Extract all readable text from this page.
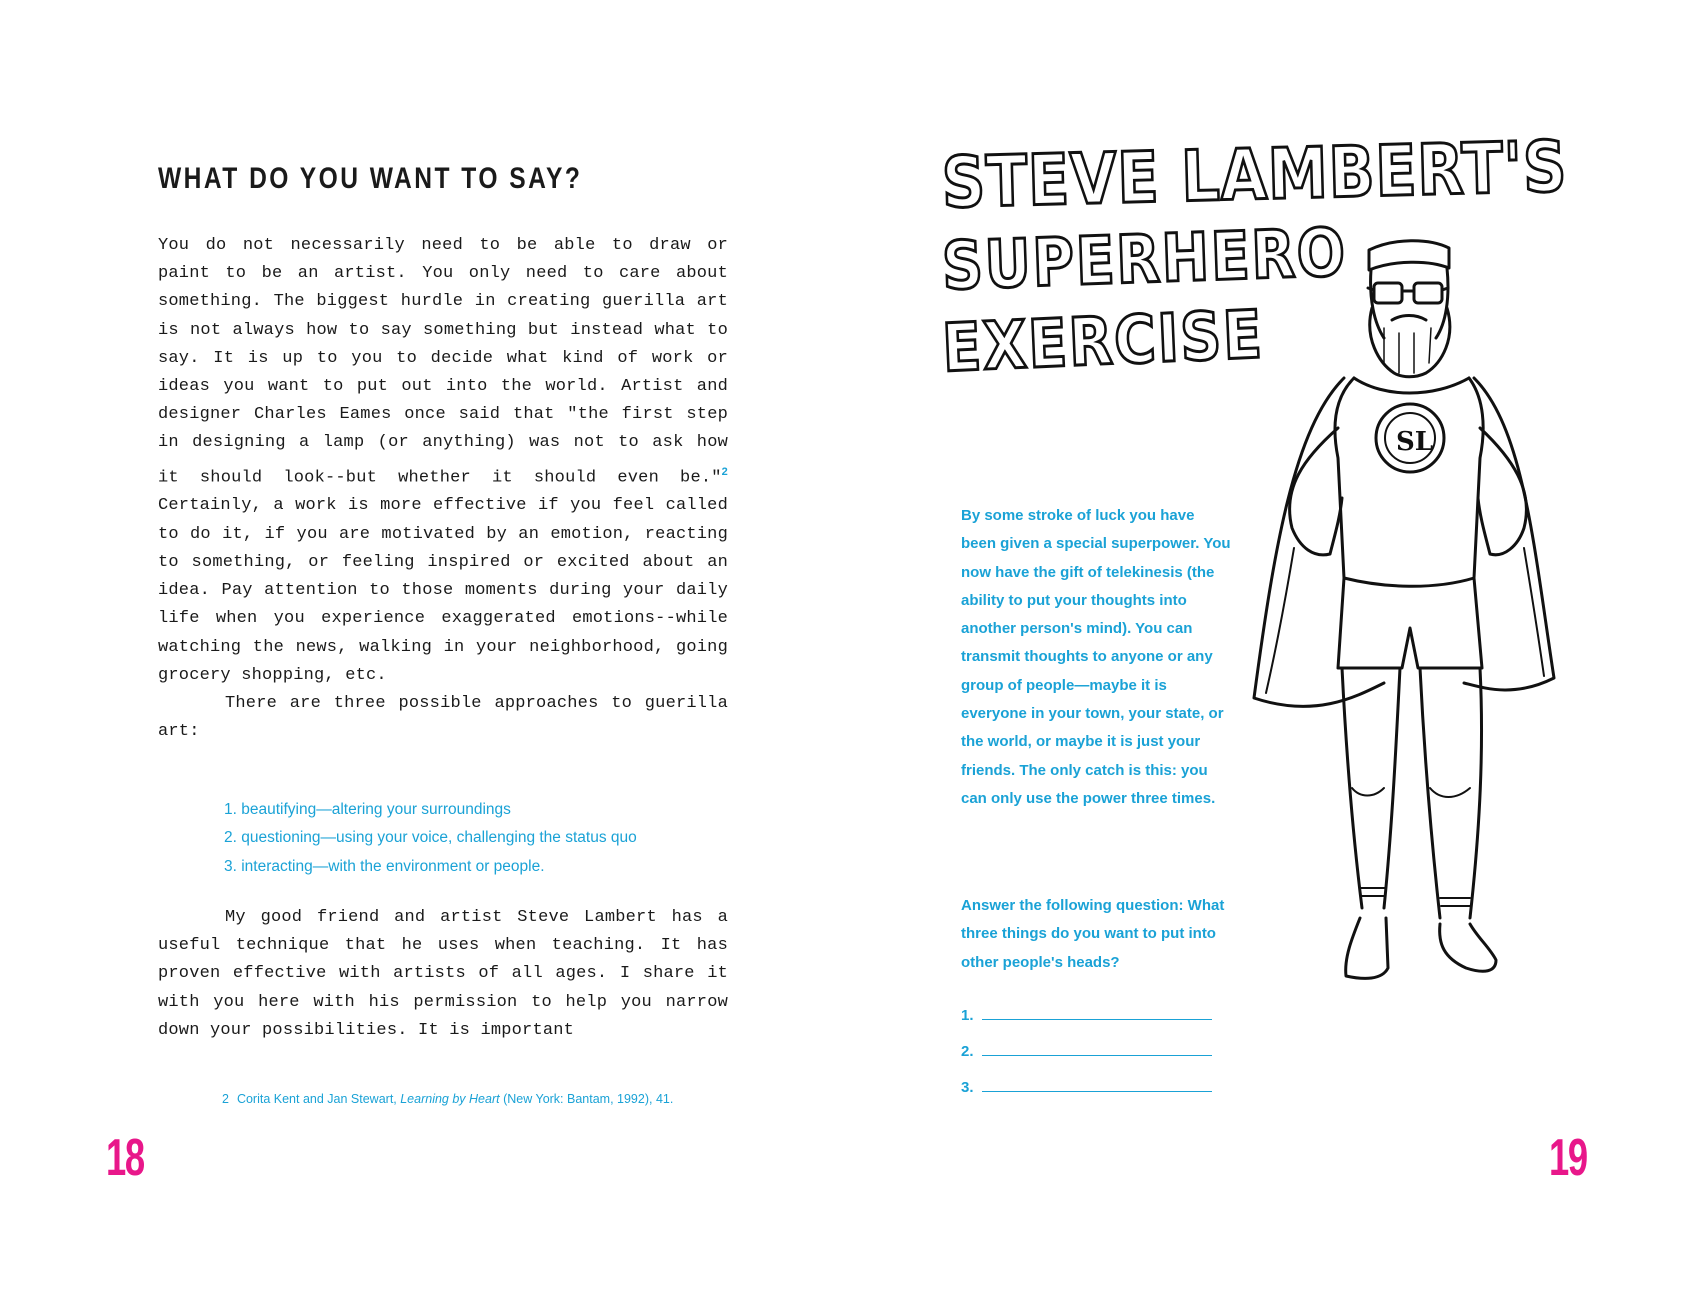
WHAT DO YOU WANT TO SAY?

You do not necessarily need to be able to draw or paint to be an artist. You only need to care about something. The biggest hurdle in creating guerilla art is not always how to say something but instead what to say. It is up to you to decide what kind of work or ideas you want to put out into the world. Artist and designer Charles Eames once said that "the first step in designing a lamp (or anything) was not to ask how it should look--but whether it should even be."$^2$ Certainly, a work is more effective if you feel called to do it, if you are motivated by an emotion, reacting to something, or feeling inspired or excited about an idea. Pay attention to those moments during your daily life when you experience exaggerated emotions--while watching the news, walking in your neighborhood, going grocery shopping, etc.
There are three possible approaches to guerilla art:

1. beautifying—altering your surroundings
2. questioning—using your voice, challenging the status quo
3. interacting—with the environment or people.

My good friend and artist Steve Lambert has a useful technique that he uses when teaching. It has proven effective with artists of all ages. I share it with you here with his permission to help you narrow down your possibilities. It is important

2 Corita Kent and Jan Stewart, Learning by Heart (New York: Bantam, 1992), 41.
18
STEVE LAMBERT'S
SUPERHERO
EXERCISE

By some stroke of luck you have been given a special superpower. You now have the gift of telekinesis (the ability to put your thoughts into another person's mind). You can transmit thoughts to anyone or any group of people—maybe it is everyone in your town, your state, or the world, or maybe it is just your friends. The only catch is this: you can only use the power three times.

Answer the following question: What three things do you want to put into other people's heads?

1.
2.
3.
SL
19
